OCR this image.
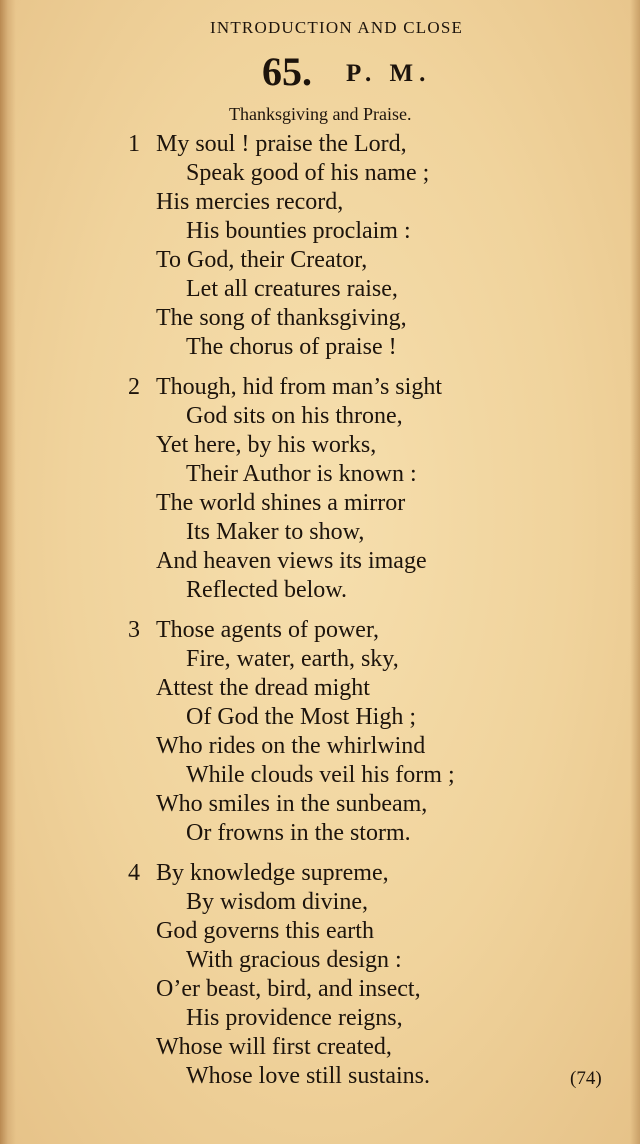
INTRODUCTION AND CLOSE
65. P. M.
Thanksgiving and Praise.
1 My soul ! praise the Lord,
Speak good of his name ;
His mercies record,
His bounties proclaim :
To God, their Creator,
Let all creatures raise,
The song of thanksgiving,
The chorus of praise !
2 Though, hid from man’s sight
God sits on his throne,
Yet here, by his works,
Their Author is known :
The world shines a mirror
Its Maker to show,
And heaven views its image
Reflected below.
3 Those agents of power,
Fire, water, earth, sky,
Attest the dread might
Of God the Most High ;
Who rides on the whirlwind
While clouds veil his form ;
Who smiles in the sunbeam,
Or frowns in the storm.
4 By knowledge supreme,
By wisdom divine,
God governs this earth
With gracious design :
O’er beast, bird, and insect,
His providence reigns,
Whose will first created,
Whose love still sustains.	(74)
